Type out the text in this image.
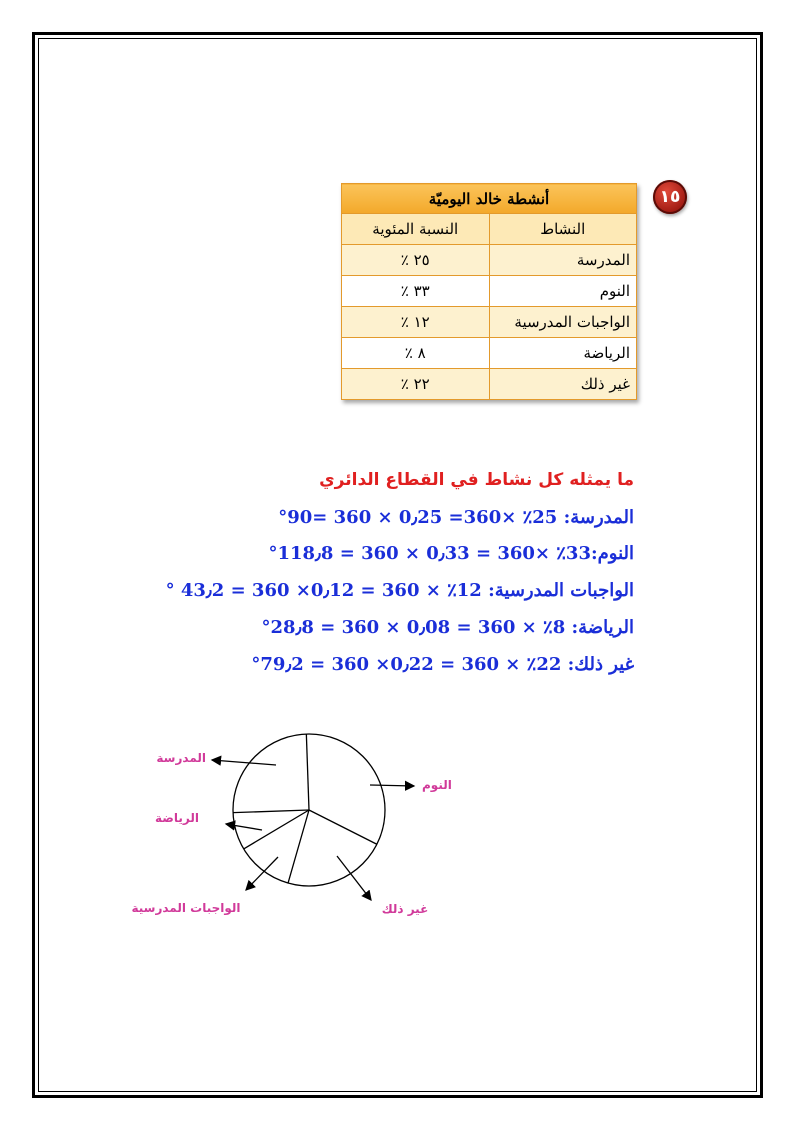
١٥
أنشطة خالد اليوميّة	
النشاط	النسبة المئوية
المدرسة	٢٥ ٪
النوم	٣٣ ٪
الواجبات المدرسية	١٢ ٪
الرياضة	٨ ٪
غير ذلك	٢٢ ٪
ما يمثله كل نشاط في القطاع الدائري
المدرسة: 25٪ ×360= 0٫25 × 360 =90°
النوم:33٪ ×360 = 0٫33 × 360 = 118٫8°
الواجبات المدرسية: 12٪ × 360 = 0٫12× 360 = 43٫2 °
الرياضة: 8٪ × 360 = 0٫08 × 360 = 28٫8°
غير ذلك: 22٪ × 360 = 0٫22× 360 = 79٫2°
المدرسة
النوم
الرياضة
الواجبات المدرسية	غير ذلك
